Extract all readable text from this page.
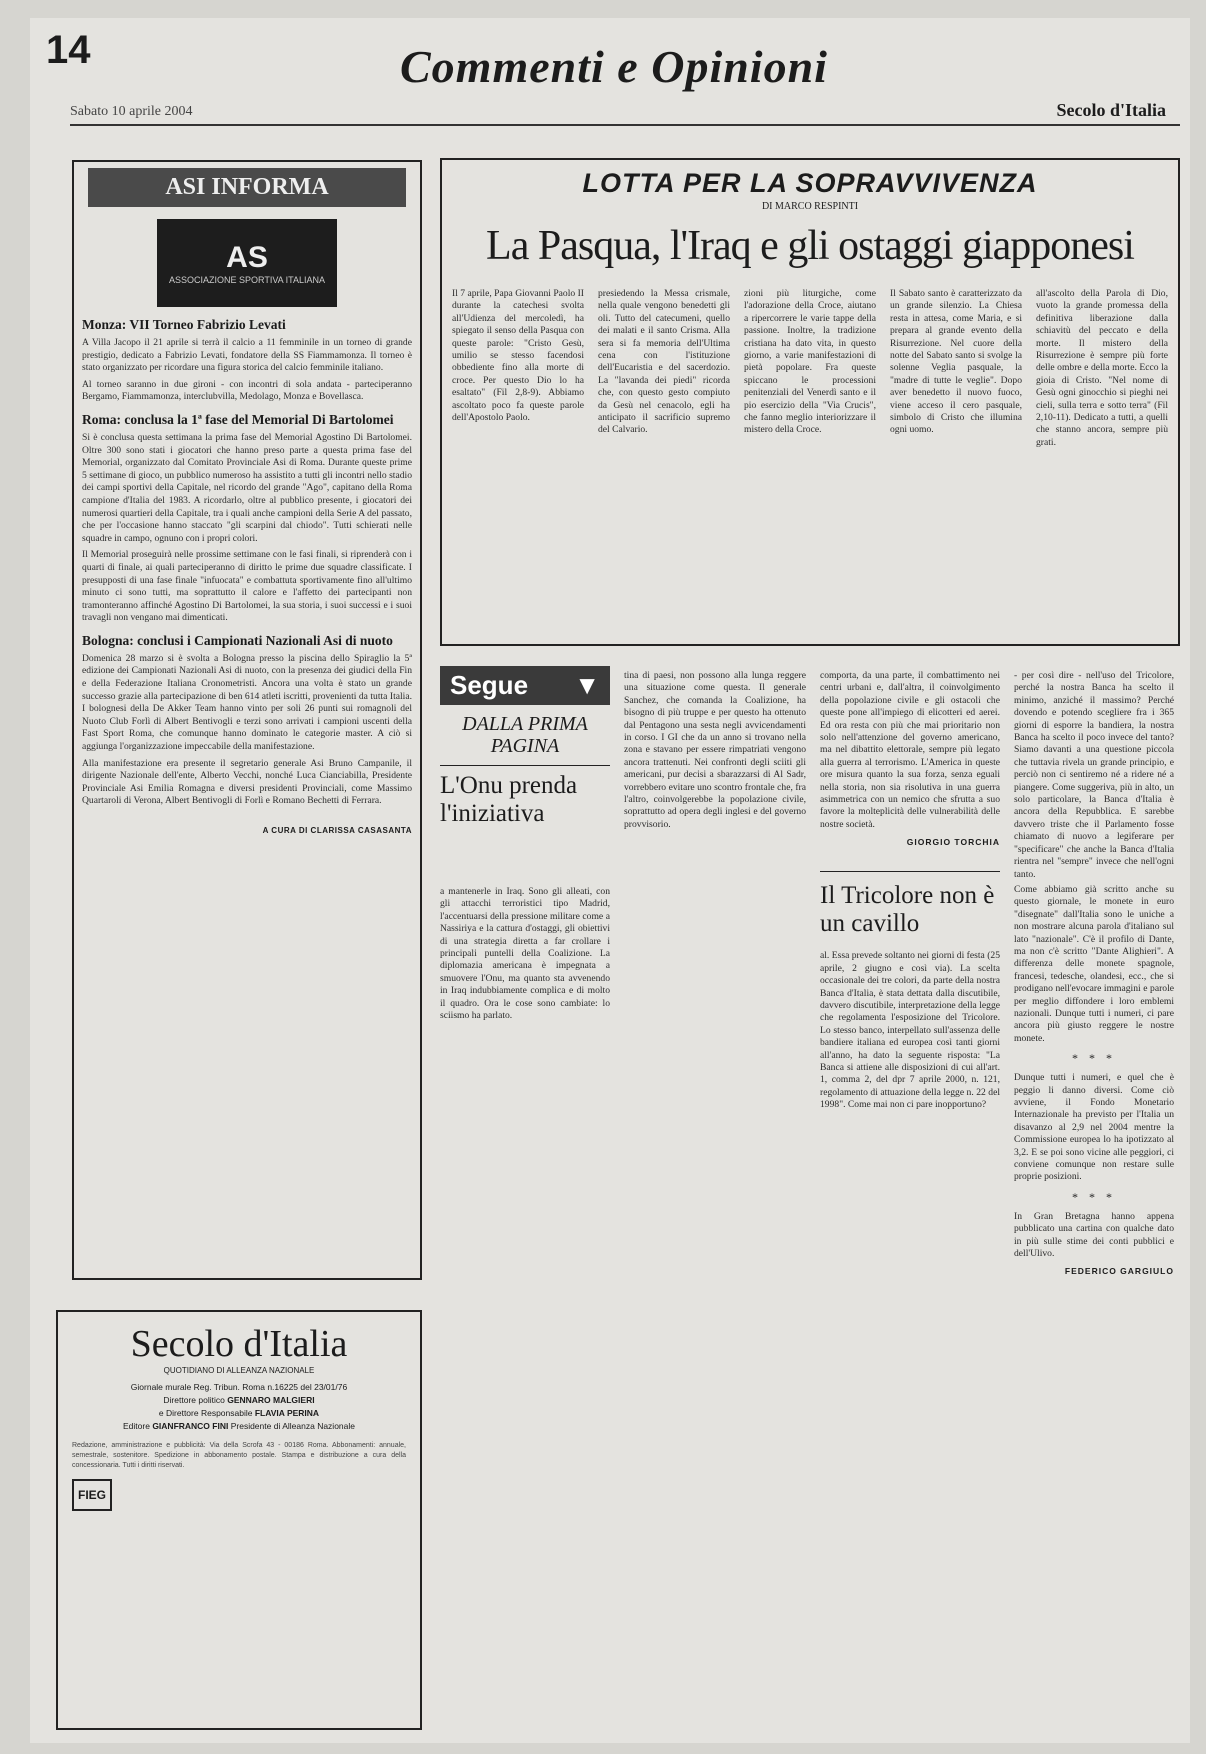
14	Commenti e Opinioni
Sabato 10 aprile 2004	Secolo d'Italia
ASI INFORMA
AS
ASSOCIAZIONE SPORTIVA ITALIANA
Monza: VII Torneo Fabrizio Levati

A Villa Jacopo il 21 aprile si terrà il calcio a 11 femminile in un torneo di grande prestigio, dedicato a Fabrizio Levati, fondatore della SS Fiammamonza. Il torneo è stato organizzato per ricordare una figura storica del calcio femminile italiano.

Al torneo saranno in due gironi - con incontri di sola andata - parteciperanno Bergamo, Fiammamonza, interclubvilla, Medolago, Monza e Bovellasca.

Roma: conclusa la 1ª fase del Memorial Di Bartolomei

Si è conclusa questa settimana la prima fase del Memorial Agostino Di Bartolomei. Oltre 300 sono stati i giocatori che hanno preso parte a questa prima fase del Memorial, organizzato dal Comitato Provinciale Asi di Roma. Durante queste prime 5 settimane di gioco, un pubblico numeroso ha assistito a tutti gli incontri nello stadio dei campi sportivi della Capitale, nel ricordo del grande "Ago", capitano della Roma campione d'Italia del 1983. A ricordarlo, oltre al pubblico presente, i giocatori dei numerosi quartieri della Capitale, tra i quali anche campioni della Serie A del passato, che per l'occasione hanno staccato "gli scarpini dal chiodo". Tutti schierati nelle squadre in campo, ognuno con i propri colori.

Il Memorial proseguirà nelle prossime settimane con le fasi finali, si riprenderà con i quarti di finale, ai quali parteciperanno di diritto le prime due squadre classificate. I presupposti di una fase finale "infuocata" e combattuta sportivamente fino all'ultimo minuto ci sono tutti, ma soprattutto il calore e l'affetto dei partecipanti non tramonteranno affinché Agostino Di Bartolomei, la sua storia, i suoi successi e i suoi travagli non vengano mai dimenticati.

Bologna: conclusi i Campionati Nazionali Asi di nuoto

Domenica 28 marzo si è svolta a Bologna presso la piscina dello Spiraglio la 5ª edizione dei Campionati Nazionali Asi di nuoto, con la presenza dei giudici della Fin e della Federazione Italiana Cronometristi. Ancora una volta è stato un grande successo grazie alla partecipazione di ben 614 atleti iscritti, provenienti da tutta Italia. I bolognesi della De Akker Team hanno vinto per soli 26 punti sui romagnoli del Nuoto Club Forlì di Albert Bentivogli e terzi sono arrivati i campioni uscenti della Fast Sport Roma, che comunque hanno dominato le categorie master. A ciò si aggiunga l'organizzazione impeccabile della manifestazione.

Alla manifestazione era presente il segretario generale Asi Bruno Campanile, il dirigente Nazionale dell'ente, Alberto Vecchi, nonché Luca Cianciabilla, Presidente Provinciale Asi Emilia Romagna e diversi presidenti Provinciali, come Massimo Quartaroli di Verona, Albert Bentivogli di Forlì e Romano Bechetti di Ferrara.

A CURA DI CLARISSA CASASANTA
Secolo d'Italia
QUOTIDIANO DI ALLEANZA NAZIONALE
Giornale murale Reg. Tribun. Roma n.16225 del 23/01/76
Direttore politico GENNARO MALGIERI
e Direttore Responsabile FLAVIA PERINA
Editore GIANFRANCO FINI Presidente di Alleanza Nazionale
Redazione, amministrazione e pubblicità: Via della Scrofa 43 - 00186 Roma. Abbonamenti: annuale, semestrale, sostenitore. Spedizione in abbonamento postale. Stampa e distribuzione a cura della concessionaria. Tutti i diritti riservati.
FIEG
LOTTA PER LA SOPRAVVIVENZA
DI MARCO RESPINTI
La Pasqua, l'Iraq e gli ostaggi giapponesi

Il 7 aprile, Papa Giovanni Paolo II durante la catechesi svolta all'Udienza del mercoledì, ha spiegato il senso della Pasqua con queste parole: "Cristo Gesù, umilio se stesso facendosi obbediente fino alla morte di croce. Per questo Dio lo ha esaltato" (Fil 2,8-9). Abbiamo ascoltato poco fa queste parole dell'Apostolo Paolo.

presiedendo la Messa crismale, nella quale vengono benedetti gli oli. Tutto del catecumeni, quello dei malati e il santo Crisma. Alla sera si fa memoria dell'Ultima cena con l'istituzione dell'Eucaristia e del sacerdozio. La "lavanda dei piedi" ricorda che, con questo gesto compiuto da Gesù nel cenacolo, egli ha anticipato il sacrificio supremo del Calvario.

zioni più liturgiche, come l'adorazione della Croce, aiutano a ripercorrere le varie tappe della passione. Inoltre, la tradizione cristiana ha dato vita, in questo giorno, a varie manifestazioni di pietà popolare. Fra queste spiccano le processioni penitenziali del Venerdì santo e il pio esercizio della "Via Crucis", che fanno meglio interiorizzare il mistero della Croce.

Il Sabato santo è caratterizzato da un grande silenzio. La Chiesa resta in attesa, come Maria, e si prepara al grande evento della Risurrezione. Nel cuore della notte del Sabato santo si svolge la solenne Veglia pasquale, la "madre di tutte le veglie". Dopo aver benedetto il nuovo fuoco, viene acceso il cero pasquale, simbolo di Cristo che illumina ogni uomo.

all'ascolto della Parola di Dio, vuoto la grande promessa della definitiva liberazione dalla schiavitù del peccato e della morte. Il mistero della Risurrezione è sempre più forte delle ombre e della morte. Ecco la gioia di Cristo. "Nel nome di Gesù ogni ginocchio si pieghi nei cieli, sulla terra e sotto terra" (Fil 2,10-11). Dedicato a tutti, a quelli che stanno ancora, sempre più grati.

Segue ▼
DALLA PRIMA PAGINA
L'Onu prenda l'iniziativa

a mantenerle in Iraq. Sono gli alleati, con gli attacchi terroristici tipo Madrid, l'accentuarsi della pressione militare come a Nassiriya e la cattura d'ostaggi, gli obiettivi di una strategia diretta a far crollare i principali puntelli della Coalizione. La diplomazia americana è impegnata a smuovere l'Onu, ma quanto sta avvenendo in Iraq indubbiamente complica e di molto il quadro. Ora le cose sono cambiate: lo sciismo ha parlato.

tina di paesi, non possono alla lunga reggere una situazione come questa. Il generale Sanchez, che comanda la Coalizione, ha bisogno di più truppe e per questo ha ottenuto dal Pentagono una sesta negli avvicendamenti in corso. I GI che da un anno si trovano nella zona e stavano per essere rimpatriati vengono ancora trattenuti. Nei confronti degli sciiti gli americani, pur decisi a sbarazzarsi di Al Sadr, vorrebbero evitare uno scontro frontale che, fra l'altro, coinvolgerebbe la popolazione civile, soprattutto ad opera degli inglesi e del governo provvisorio.

comporta, da una parte, il combattimento nei centri urbani e, dall'altra, il coinvolgimento della popolazione civile e gli ostacoli che queste pone all'impiego di elicotteri ed aerei. Ed ora resta con più che mai prioritario non solo nell'attenzione del governo americano, ma nel dibattito elettorale, sempre più legato alla guerra al terrorismo. L'America in queste ore misura quanto la sua forza, senza eguali nella storia, non sia risolutiva in una guerra asimmetrica con un nemico che sfrutta a suo favore la molteplicità delle vulnerabilità delle nostre società.

GIORGIO TORCHIA
Il Tricolore non è un cavillo

al. Essa prevede soltanto nei giorni di festa (25 aprile, 2 giugno e così via). La scelta occasionale dei tre colori, da parte della nostra Banca d'Italia, è stata dettata dalla discutibile, davvero discutibile, interpretazione della legge che regolamenta l'esposizione del Tricolore. Lo stesso banco, interpellato sull'assenza delle bandiere italiana ed europea così tanti giorni all'anno, ha dato la seguente risposta: "La Banca si attiene alle disposizioni di cui all'art. 1, comma 2, del dpr 7 aprile 2000, n. 121, regolamento di attuazione della legge n. 22 del 1998". Come mai non ci pare inopportuno?

- per così dire - nell'uso del Tricolore, perché la nostra Banca ha scelto il minimo, anziché il massimo? Perché dovendo e potendo scegliere fra i 365 giorni di esporre la bandiera, la nostra Banca ha scelto il poco invece del tanto? Siamo davanti a una questione piccola che tuttavia rivela un grande principio, e perciò non ci sentiremo né a ridere né a piangere. Come suggeriva, più in alto, un solo particolare, la Banca d'Italia è ancora della Repubblica. E sarebbe davvero triste che il Parlamento fosse chiamato di nuovo a legiferare per "specificare" che anche la Banca d'Italia rientra nel "sempre" invece che nell'ogni tanto.

Come abbiamo già scritto anche su questo giornale, le monete in euro "disegnate" dall'Italia sono le uniche a non mostrare alcuna parola d'italiano sul lato "nazionale". C'è il profilo di Dante, ma non c'è scritto "Dante Alighieri". A differenza delle monete spagnole, francesi, tedesche, olandesi, ecc., che si prodigano nell'evocare immagini e parole per meglio diffondere i loro emblemi nazionali. Dunque tutti i numeri, ci pare ancora più giusto reggere le nostre monete.

* * *

Dunque tutti i numeri, e quel che è peggio li danno diversi. Come ciò avviene, il Fondo Monetario Internazionale ha previsto per l'Italia un disavanzo al 2,9 nel 2004 mentre la Commissione europea lo ha ipotizzato al 3,2. E se poi sono vicine alle peggiori, ci conviene comunque non restare sulle proprie posizioni.

* * *

In Gran Bretagna hanno appena pubblicato una cartina con qualche dato in più sulle stime dei conti pubblici e dell'Ulivo.

FEDERICO GARGIULO
